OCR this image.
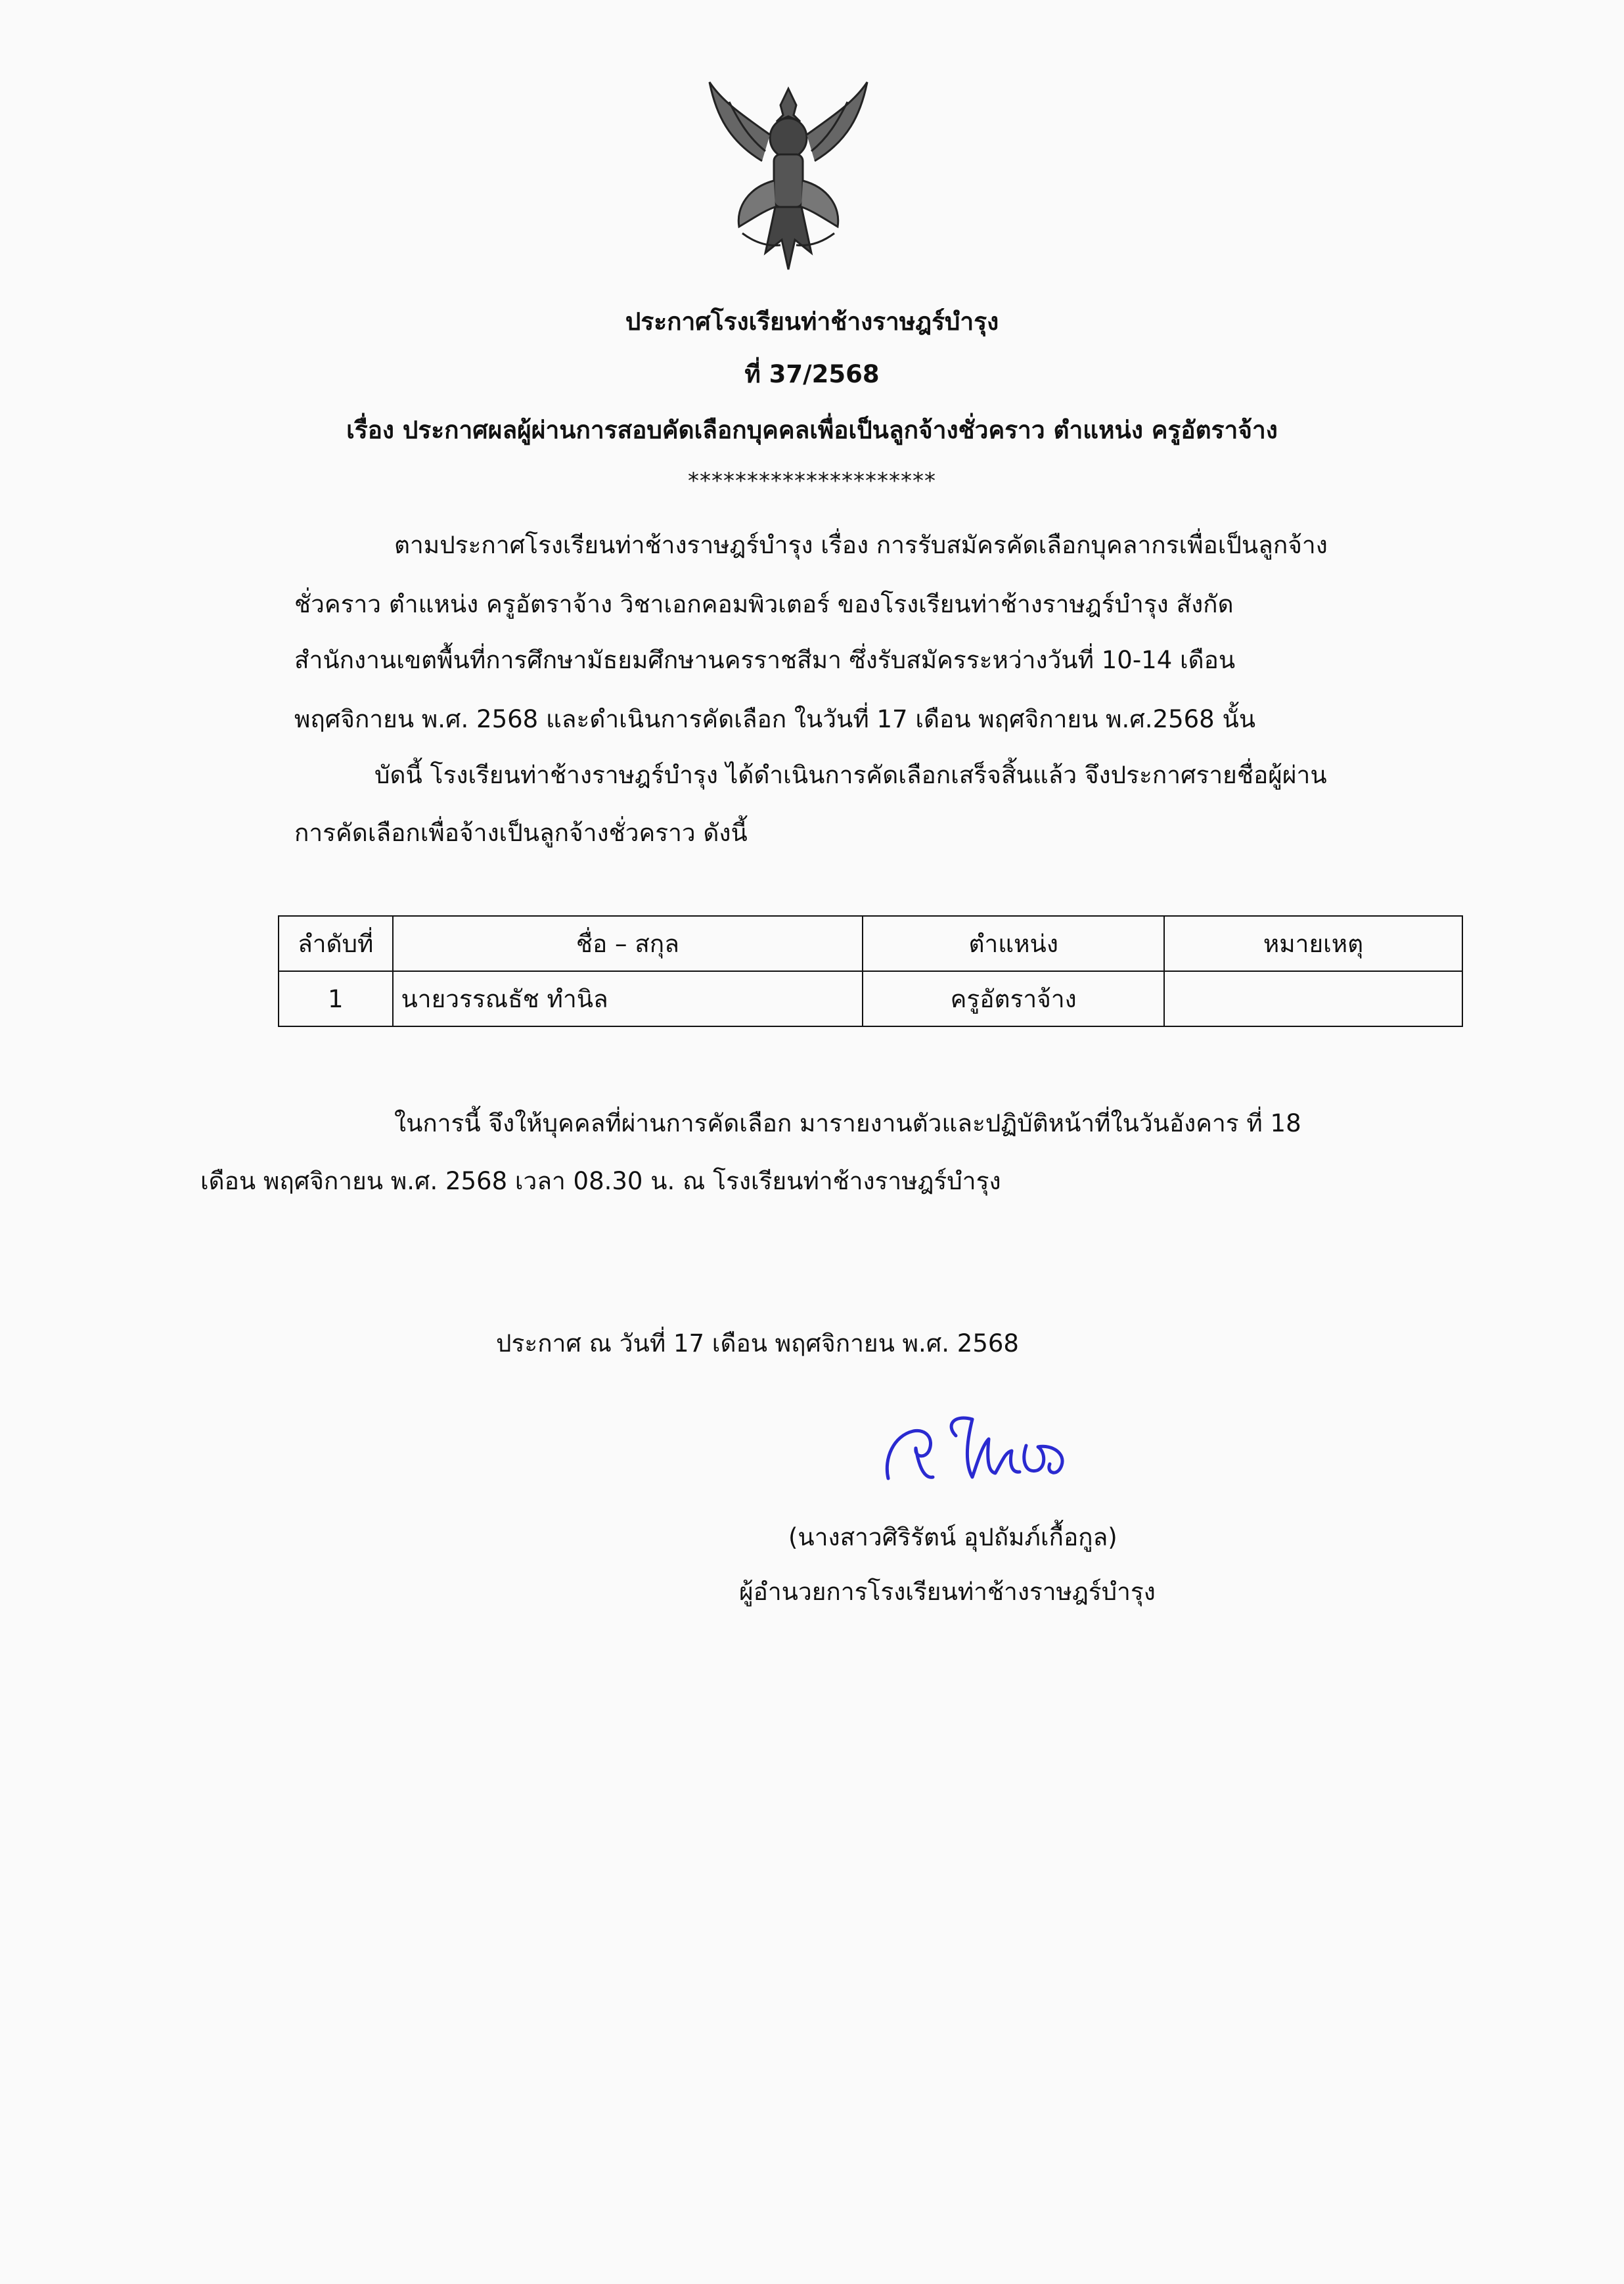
ประกาศโรงเรียนท่าช้างราษฎร์บำรุง
ที่ 37/2568
เรื่อง ประกาศผลผู้ผ่านการสอบคัดเลือกบุคคลเพื่อเป็นลูกจ้างชั่วคราว ตำแหน่ง ครูอัตราจ้าง
*********************
ตามประกาศโรงเรียนท่าช้างราษฎร์บำรุง เรื่อง การรับสมัครคัดเลือกบุคลากรเพื่อเป็นลูกจ้าง
ชั่วคราว ตำแหน่ง ครูอัตราจ้าง วิชาเอกคอมพิวเตอร์ ของโรงเรียนท่าช้างราษฎร์บำรุง สังกัด
สำนักงานเขตพื้นที่การศึกษามัธยมศึกษานครราชสีมา ซึ่งรับสมัครระหว่างวันที่ 10-14 เดือน
พฤศจิกายน พ.ศ. 2568 และดำเนินการคัดเลือก ในวันที่ 17 เดือน พฤศจิกายน พ.ศ.2568 นั้น
บัดนี้ โรงเรียนท่าช้างราษฎร์บำรุง ได้ดำเนินการคัดเลือกเสร็จสิ้นแล้ว จึงประกาศรายชื่อผู้ผ่าน
การคัดเลือกเพื่อจ้างเป็นลูกจ้างชั่วคราว ดังนี้
ลำดับที่	ชื่อ – สกุล	ตำแหน่ง	หมายเหตุ
1	นายวรรณธัช ทำนิล	ครูอัตราจ้าง	
ในการนี้ จึงให้บุคคลที่ผ่านการคัดเลือก มารายงานตัวและปฏิบัติหน้าที่ในวันอังคาร ที่ 18
เดือน พฤศจิกายน พ.ศ. 2568 เวลา 08.30 น. ณ โรงเรียนท่าช้างราษฎร์บำรุง
ประกาศ ณ วันที่ 17 เดือน พฤศจิกายน พ.ศ. 2568
(นางสาวศิริรัตน์ อุปถัมภ์เกื้อกูล)
ผู้อำนวยการโรงเรียนท่าช้างราษฎร์บำรุง
